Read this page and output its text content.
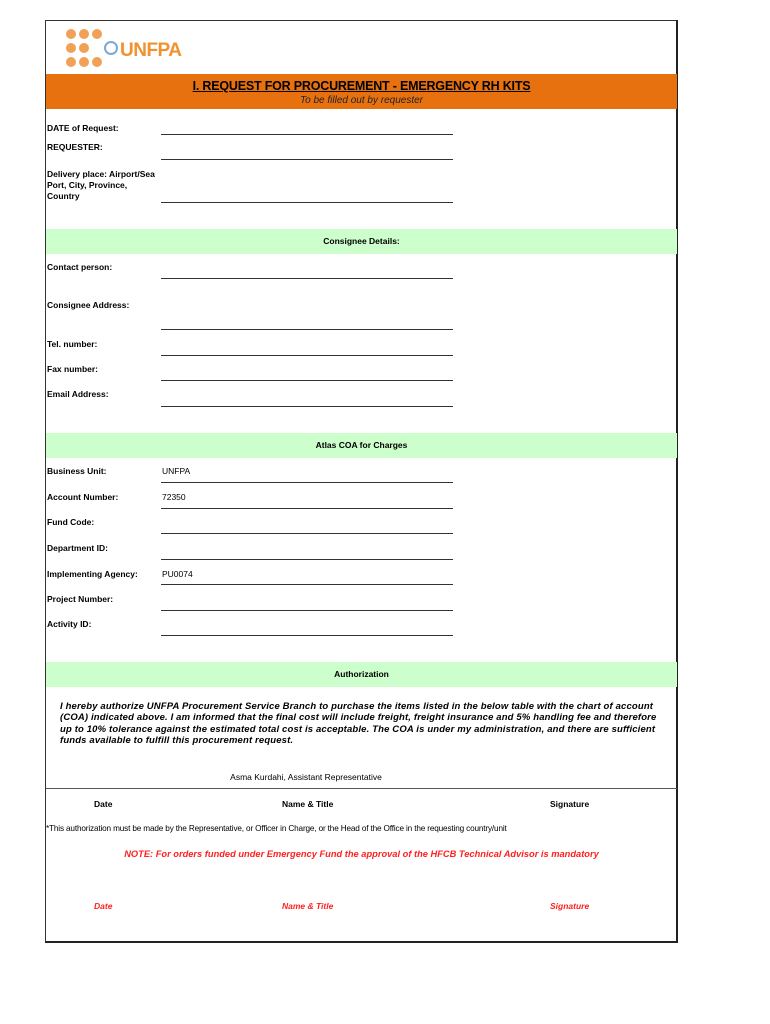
UNFPA
I. REQUEST FOR PROCUREMENT - EMERGENCY RH KITS
To be filled out by requester
DATE of Request:
REQUESTER:
Delivery place: Airport/Sea Port, City, Province, Country
Consignee Details:
Contact person:
Consignee Address:
Tel. number:
Fax number:
Email Address:
Atlas COA for Charges
Business Unit:	UNFPA
Account Number:	72350
Fund Code:
Department ID:
Implementing Agency:	PU0074
Project Number:
Activity ID:
Authorization
I hereby authorize UNFPA Procurement Service Branch to purchase the items listed in the below table with the chart of account (COA) indicated above. I am informed that the final cost will include freight, freight insurance and 5% handling fee and therefore up to 10% tolerance against the estimated total cost is acceptable. The COA is under my administration, and there are sufficient funds available to fulfill this procurement request.
Asma Kurdahi, Assistant Representative
Date	Name & Title	Signature
*This authorization must be made by the Representative, or Officer in Charge, or the Head of the Office in the requesting country/unit
NOTE: For orders funded under Emergency Fund the approval of the HFCB Technical Advisor is mandatory
Date	Name & Title	Signature
